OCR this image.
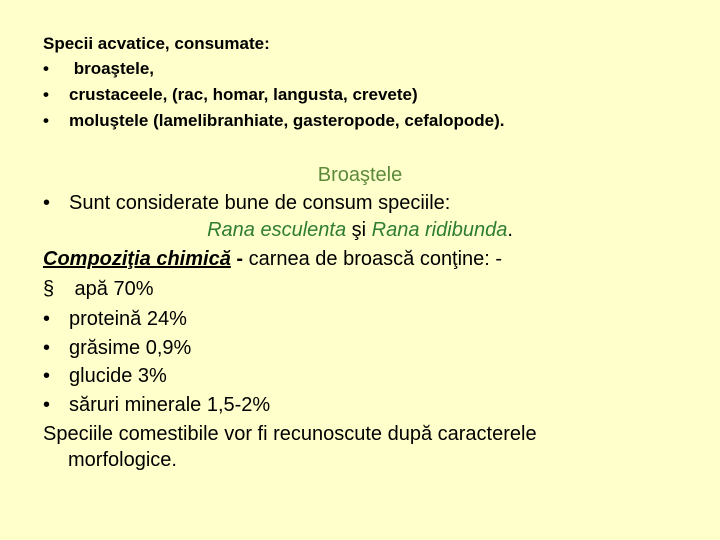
Specii acvatice, consumate:
• broaştele,
• crustaceele, (rac, homar, langusta, crevete)
• moluştele (lamelibranhiate, gasteropode, cefalopode).
Broaştele
• Sunt considerate bune de consum speciile:
Rana esculenta şi Rana ridibunda.
Compoziţia chimică - carnea de broască conţine: -
§ apă 70%
• proteină 24%
• grăsime 0,9%
• glucide 3%
• săruri minerale 1,5-2%
Speciile comestibile vor fi recunoscute după caracterele
morfologice.
